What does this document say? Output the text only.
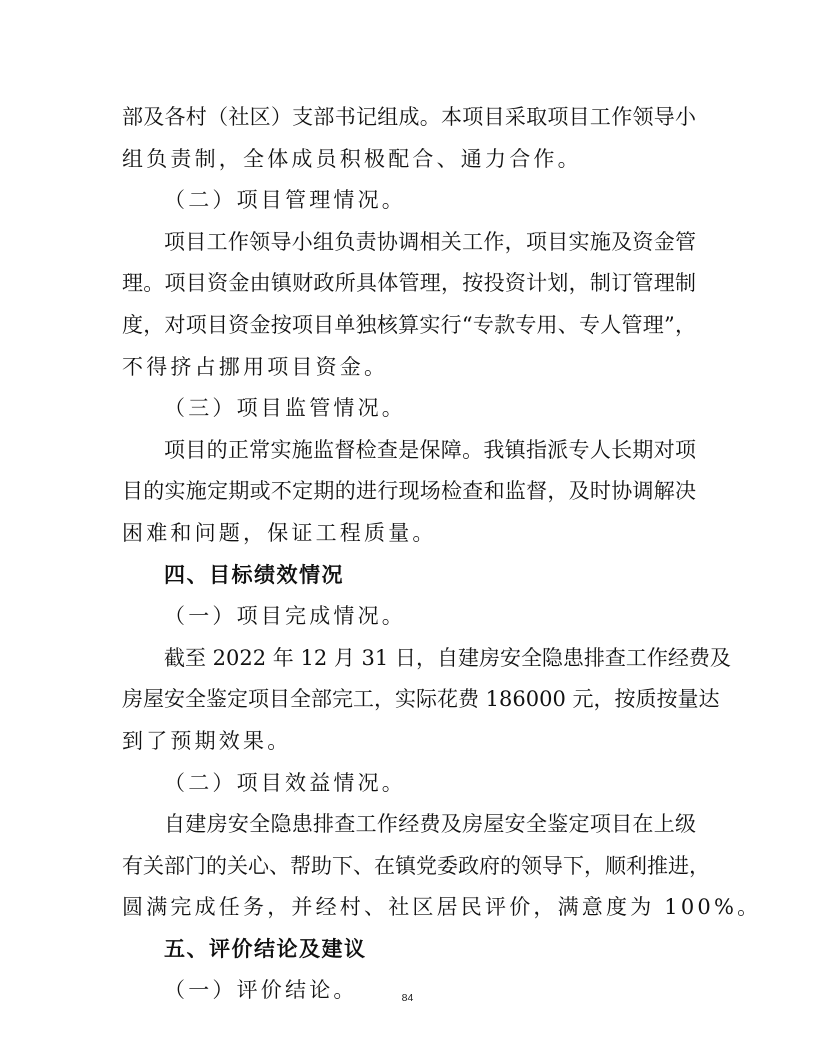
部及各村（社区）支部书记组成。本项目采取项目工作领导小
组负责制，全体成员积极配合、通力合作。
（二）项目管理情况。
项目工作领导小组负责协调相关工作，项目实施及资金管
理。项目资金由镇财政所具体管理，按投资计划，制订管理制
度，对项目资金按项目单独核算实行“专款专用、专人管理”，
不得挤占挪用项目资金。
（三）项目监管情况。
项目的正常实施监督检查是保障。我镇指派专人长期对项
目的实施定期或不定期的进行现场检查和监督，及时协调解决
困难和问题，保证工程质量。
四、目标绩效情况
（一）项目完成情况。
截至 2022 年 12 月 31 日，自建房安全隐患排查工作经费及
房屋安全鉴定项目全部完工，实际花费 186000 元，按质按量达
到了预期效果。
（二）项目效益情况。
自建房安全隐患排查工作经费及房屋安全鉴定项目在上级
有关部门的关心、帮助下、在镇党委政府的领导下，顺利推进，
圆满完成任务，并经村、社区居民评价，满意度为 100%。
五、评价结论及建议
（一）评价结论。	84
